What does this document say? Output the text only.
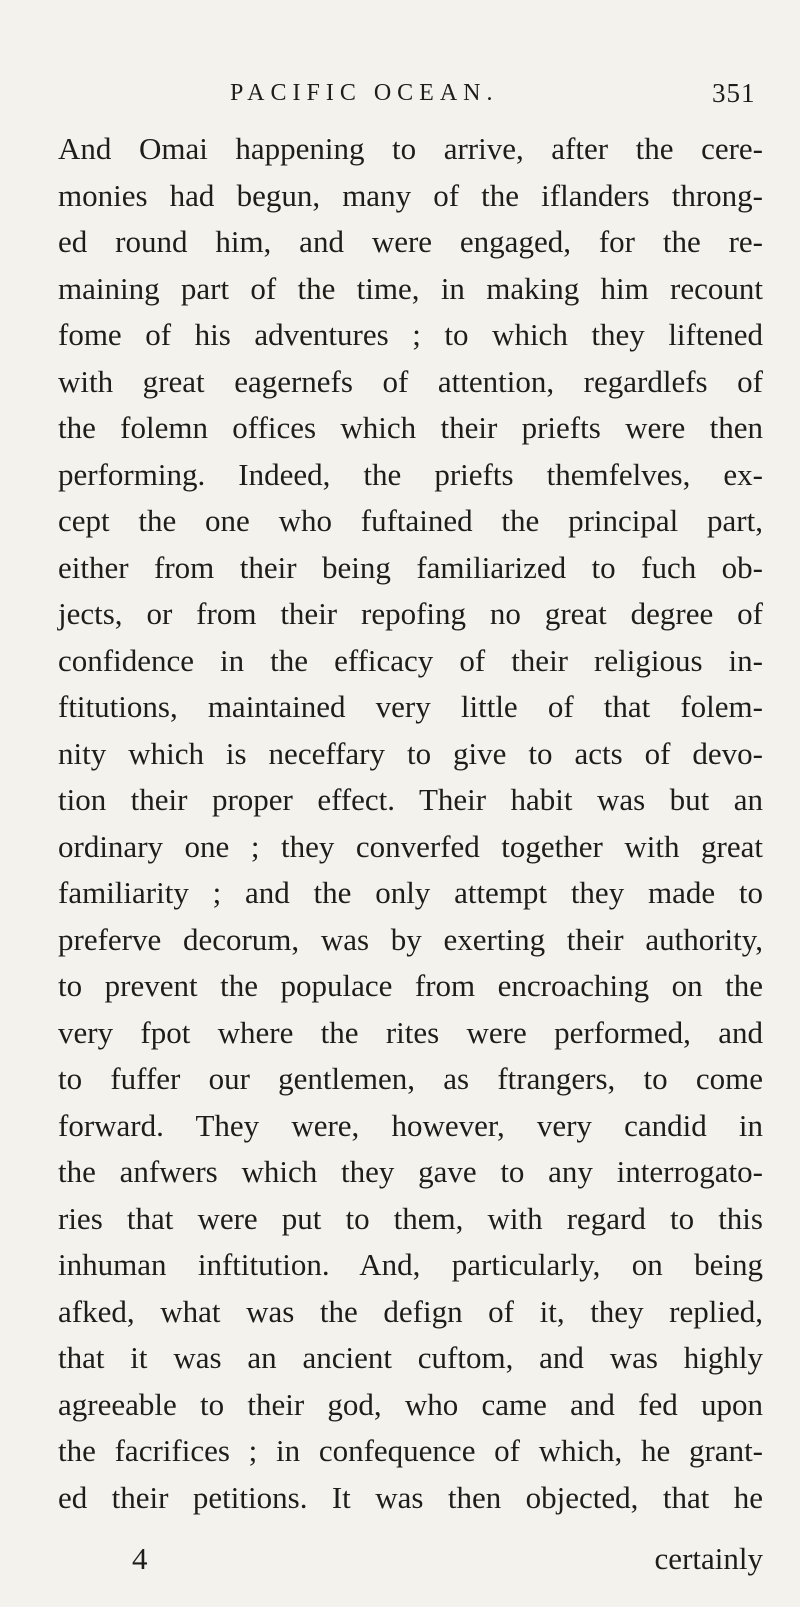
PACIFIC OCEAN.	351
And Omai happening to arrive, after the cere-
monies had begun, many of the iflanders throng-
ed round him, and were engaged, for the re-
maining part of the time, in making him recount
fome of his adventures ; to which they liftened
with great eagernefs of attention, regardlefs of
the folemn offices which their priefts were then
performing. Indeed, the priefts themfelves, ex-
cept the one who fuftained the principal part,
either from their being familiarized to fuch ob-
jects, or from their repofing no great degree of
confidence in the efficacy of their religious in-
ftitutions, maintained very little of that folem-
nity which is neceffary to give to acts of devo-
tion their proper effect. Their habit was but an
ordinary one ; they converfed together with great
familiarity ; and the only attempt they made to
preferve decorum, was by exerting their authority,
to prevent the populace from encroaching on the
very fpot where the rites were performed, and
to fuffer our gentlemen, as ftrangers, to come
forward. They were, however, very candid in
the anfwers which they gave to any interrogato-
ries that were put to them, with regard to this
inhuman inftitution. And, particularly, on being
afked, what was the defign of it, they replied,
that it was an ancient cuftom, and was highly
agreeable to their god, who came and fed upon
the facrifices ; in confequence of which, he grant-
ed their petitions. It was then objected, that he
4	certainly
